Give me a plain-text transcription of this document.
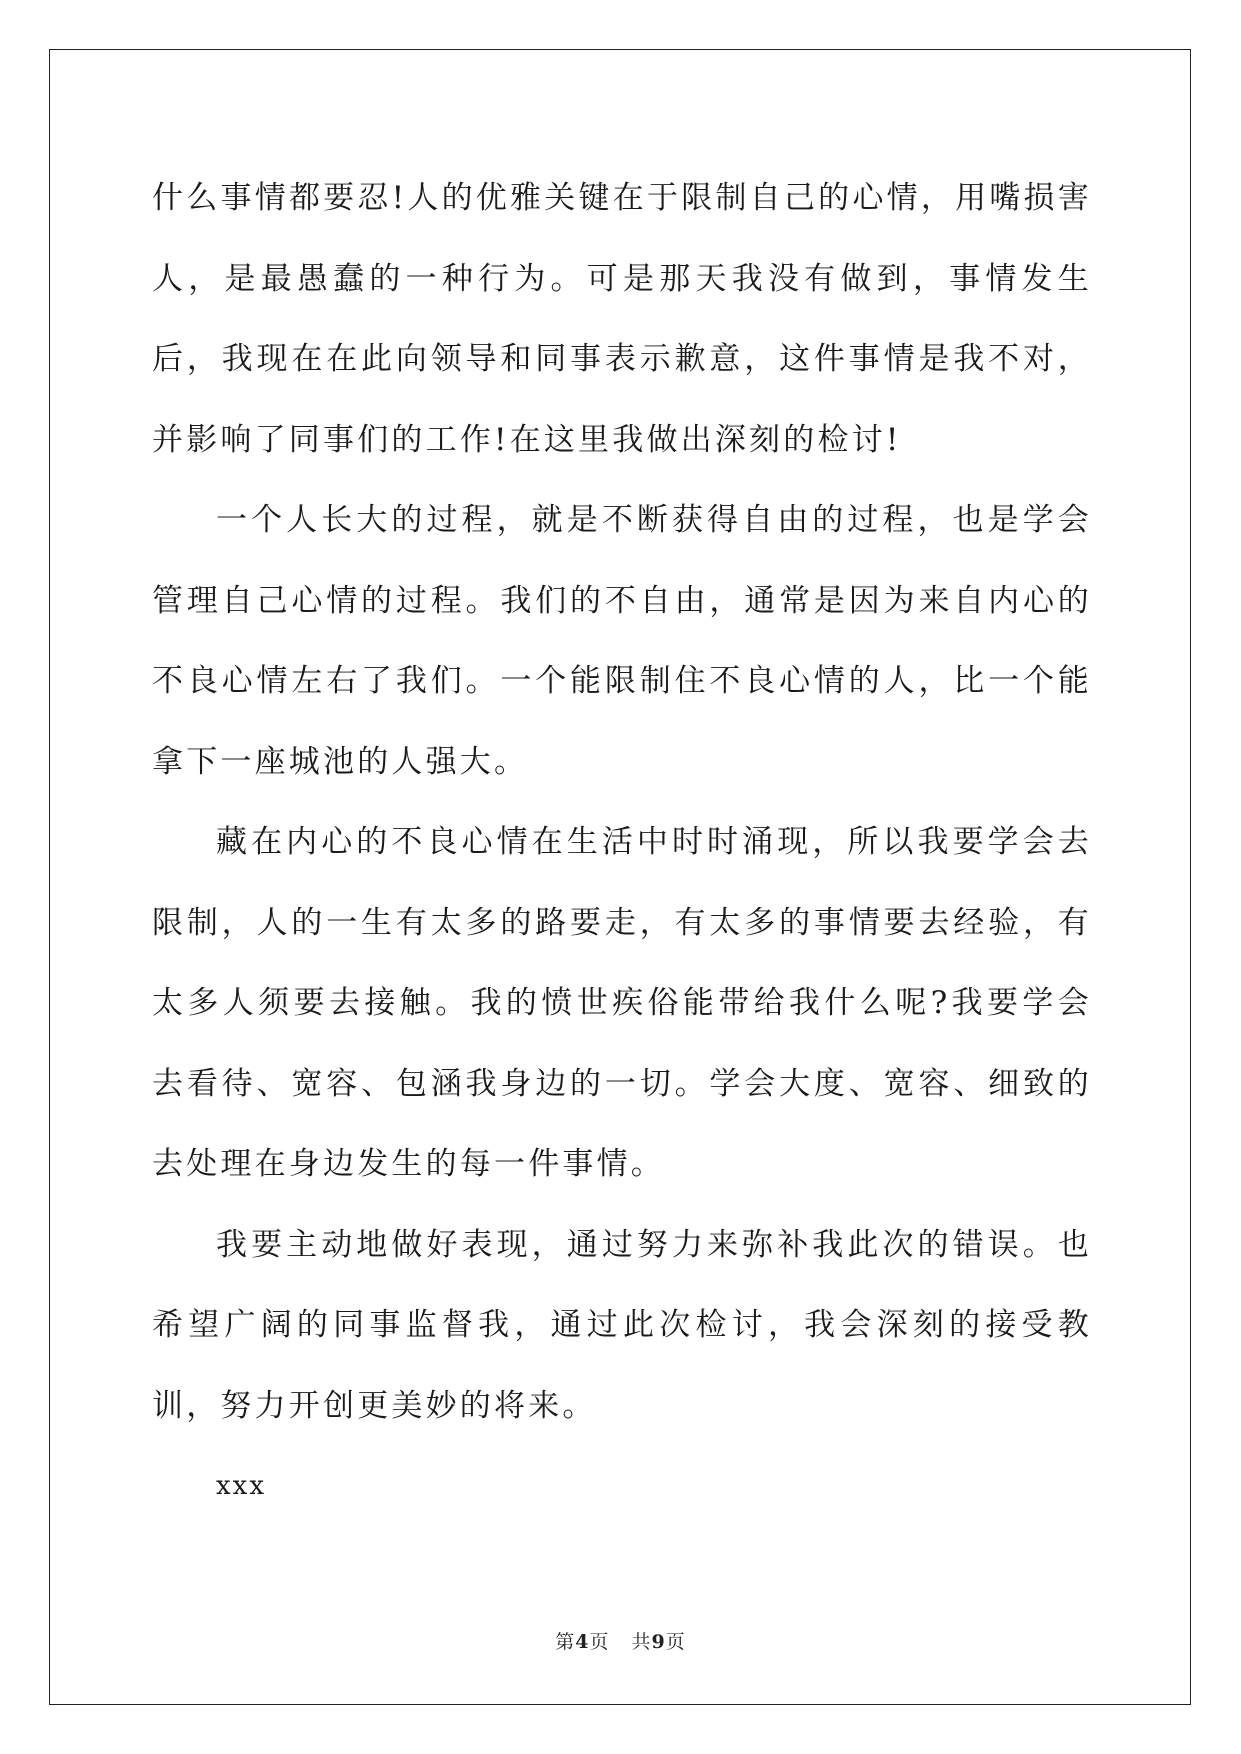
什么事情都要忍!人的优雅关键在于限制自己的心情，用嘴损害人，是最愚蠢的一种行为。可是那天我没有做到，事情发生后，我现在在此向领导和同事表示歉意，这件事情是我不对，并影响了同事们的工作!在这里我做出深刻的检讨!

一个人长大的过程，就是不断获得自由的过程，也是学会管理自己心情的过程。我们的不自由，通常是因为来自内心的不良心情左右了我们。一个能限制住不良心情的人，比一个能拿下一座城池的人强大。

藏在内心的不良心情在生活中时时涌现，所以我要学会去限制，人的一生有太多的路要走，有太多的事情要去经验，有太多人须要去接触。我的愤世疾俗能带给我什么呢?我要学会去看待、宽容、包涵我身边的一切。学会大度、宽容、细致的去处理在身边发生的每一件事情。

我要主动地做好表现，通过努力来弥补我此次的错误。也希望广阔的同事监督我，通过此次检讨，我会深刻的接受教训，努力开创更美妙的将来。

xxx

第4页 共9页
